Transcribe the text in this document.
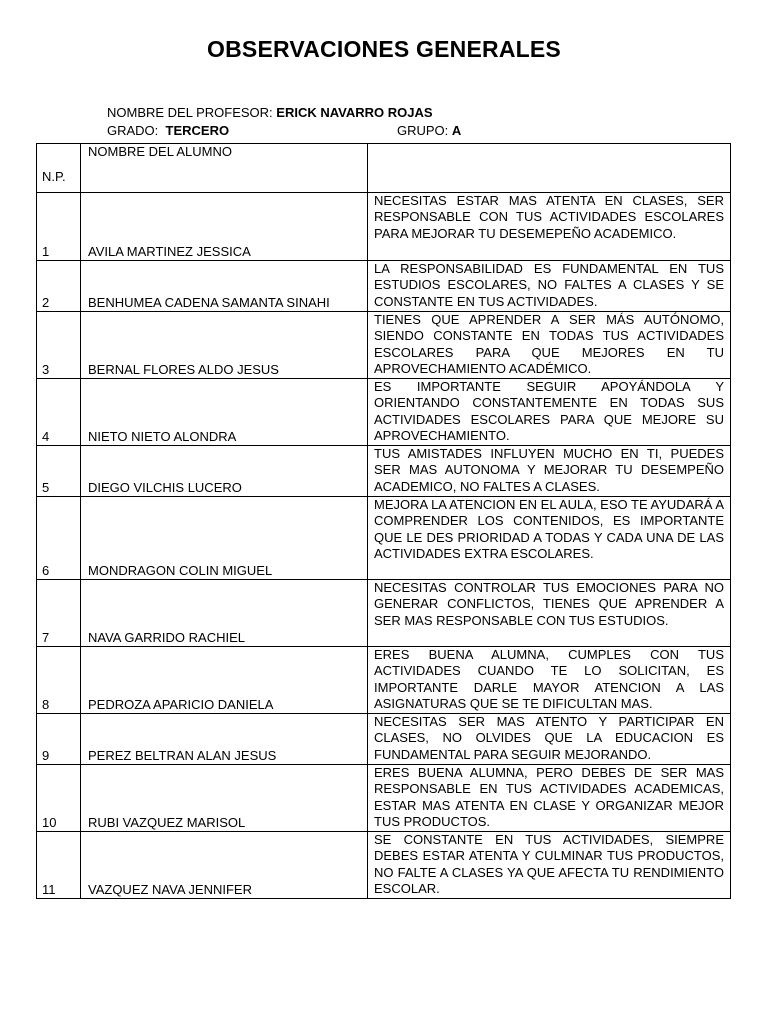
OBSERVACIONES GENERALES
NOMBRE DEL PROFESOR: ERICK NAVARRO ROJAS
GRADO: TERCERO	GRUPO: A
N.P.	NOMBRE DEL ALUMNO	
1	AVILA MARTINEZ JESSICA	NECESITAS ESTAR MAS ATENTA EN CLASES, SER RESPONSABLE CON TUS ACTIVIDADES ESCOLARES PARA MEJORAR TU DESEMEPEÑO ACADEMICO.
2	BENHUMEA CADENA SAMANTA SINAHI	LA RESPONSABILIDAD ES FUNDAMENTAL EN TUS ESTUDIOS ESCOLARES, NO FALTES A CLASES Y SE CONSTANTE EN TUS ACTIVIDADES.
3	BERNAL FLORES ALDO JESUS	TIENES QUE APRENDER A SER MÁS AUTÓNOMO, SIENDO CONSTANTE EN TODAS TUS ACTIVIDADES ESCOLARES PARA QUE MEJORES EN TU APROVECHAMIENTO ACADÉMICO.
4	NIETO NIETO ALONDRA	ES IMPORTANTE SEGUIR APOYÁNDOLA Y ORIENTANDO CONSTANTEMENTE EN TODAS SUS ACTIVIDADES ESCOLARES PARA QUE MEJORE SU APROVECHAMIENTO.
5	DIEGO VILCHIS LUCERO	TUS AMISTADES INFLUYEN MUCHO EN TI, PUEDES SER MAS AUTONOMA Y MEJORAR TU DESEMPEÑO ACADEMICO, NO FALTES A CLASES.
6	MONDRAGON COLIN MIGUEL	MEJORA LA ATENCION EN EL AULA, ESO TE AYUDARÁ A COMPRENDER LOS CONTENIDOS, ES IMPORTANTE QUE LE DES PRIORIDAD A TODAS Y CADA UNA DE LAS ACTIVIDADES EXTRA ESCOLARES.
7	NAVA GARRIDO RACHIEL	NECESITAS CONTROLAR TUS EMOCIONES PARA NO GENERAR CONFLICTOS, TIENES QUE APRENDER A SER MAS RESPONSABLE CON TUS ESTUDIOS.
8	PEDROZA APARICIO DANIELA	ERES BUENA ALUMNA, CUMPLES CON TUS ACTIVIDADES CUANDO TE LO SOLICITAN, ES IMPORTANTE DARLE MAYOR ATENCION A LAS ASIGNATURAS QUE SE TE DIFICULTAN MAS.
9	PEREZ BELTRAN ALAN JESUS	NECESITAS SER MAS ATENTO Y PARTICIPAR EN CLASES, NO OLVIDES QUE LA EDUCACION ES FUNDAMENTAL PARA SEGUIR MEJORANDO.
10	RUBI VAZQUEZ MARISOL	ERES BUENA ALUMNA, PERO DEBES DE SER MAS RESPONSABLE EN TUS ACTIVIDADES ACADEMICAS, ESTAR MAS ATENTA EN CLASE Y ORGANIZAR MEJOR TUS PRODUCTOS.
11	VAZQUEZ NAVA JENNIFER	SE CONSTANTE EN TUS ACTIVIDADES, SIEMPRE DEBES ESTAR ATENTA Y CULMINAR TUS PRODUCTOS, NO FALTE A CLASES YA QUE AFECTA TU RENDIMIENTO ESCOLAR.
